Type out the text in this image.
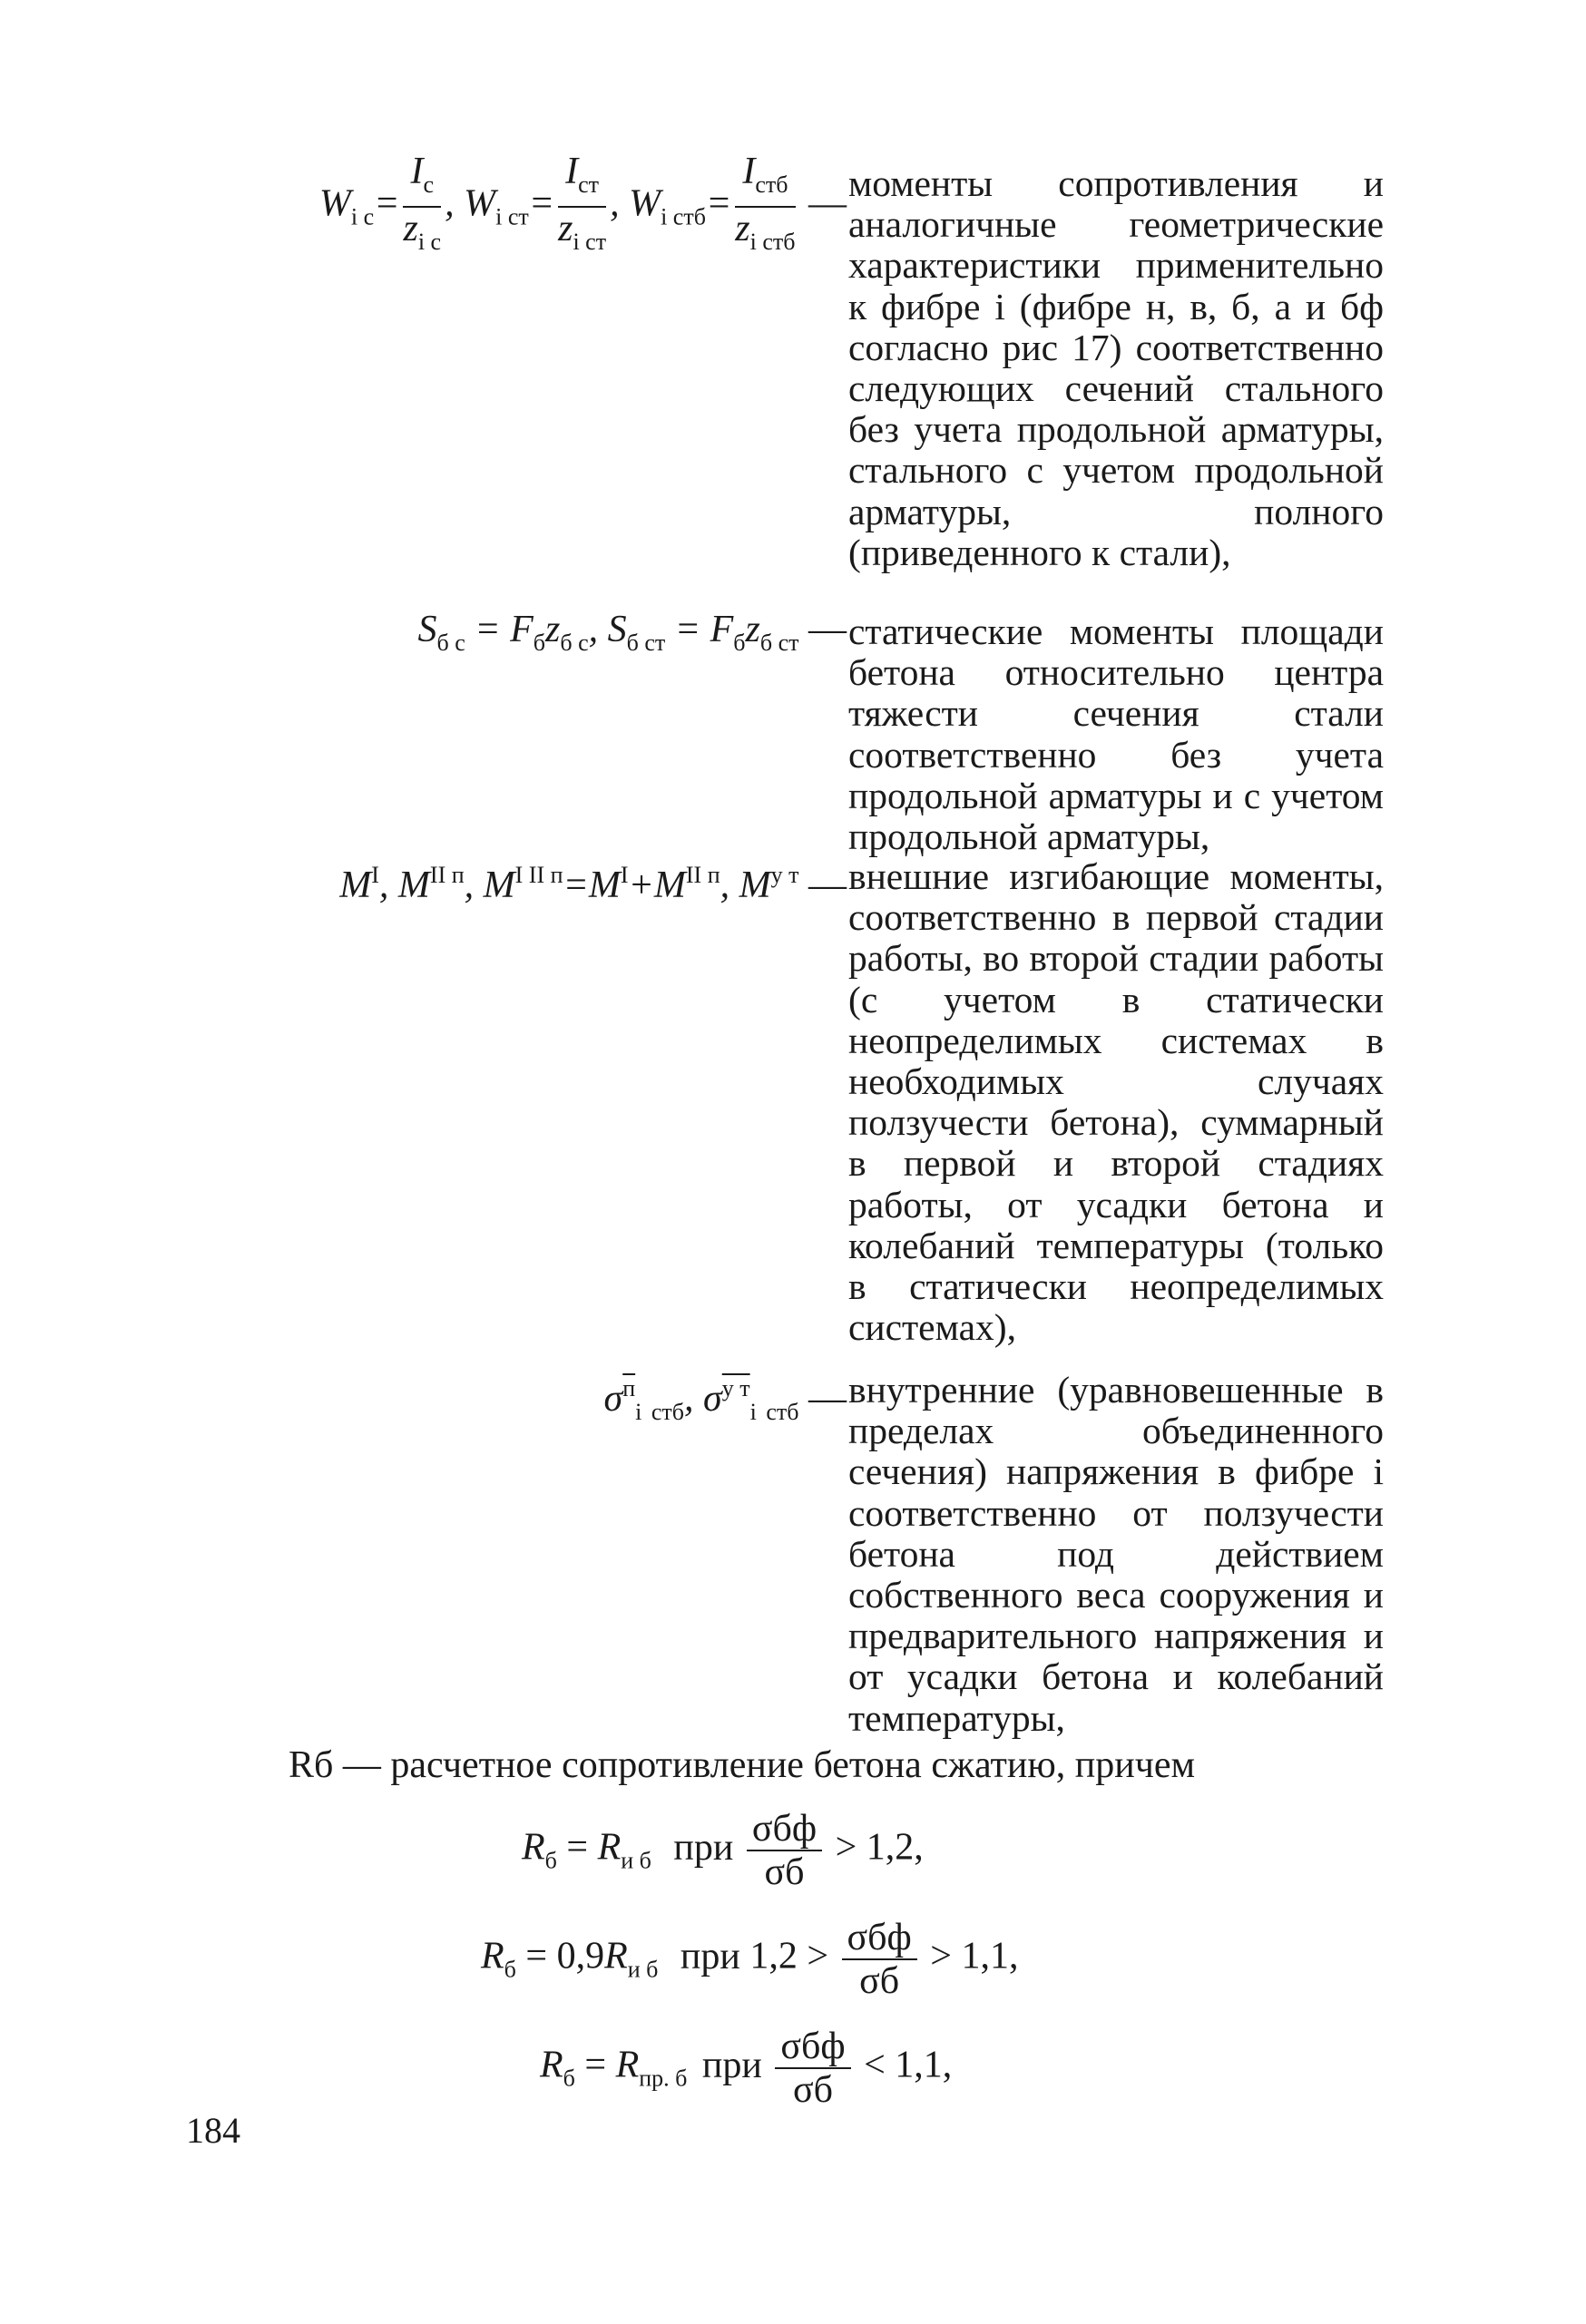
$W_{i c}= \frac{I_c}{z_{i c}}$ , $W_{i ст}= \frac{I_{ст}}{z_{i ст}}$ , $W_{i стб}= \frac{I_{стб}}{z_{i стб}}$ — моменты сопротивления и аналогичные геометрические характеристики применительно к фибре i (фибре н, в, б, а и бф согласно рис 17) соответственно следующих сечений стального без учета продольной арматуры, стального с учетом продольной арматуры, полного (приведенного к стали),
$S_{б с} = F_бz_{б с}$, $S_{б ст} = F_бz_{б ст}$ — статические моменты площади бетона относительно центра тяжести сечения стали соответственно без учета продольной арматуры и с учетом продольной арматуры,
$M^I$, $M^{II п}$, $M^{I II п}=M^I+M^{II п}$, $M^{у т}$ — внешние изгибающие моменты, соответственно в первой стадии работы, во второй стадии работы (с учетом в статически неопределимых системах в необходимых случаях ползучести бетона), суммарный в первой и второй стадиях работы, от усадки бетона и колебаний температуры (только в статически неопределимых системах),
$\sigma^п_i$ $_{стб}$, $\sigma^{у т}_i$ $_{стб}$ — внутренние (уравновешенные в пределах объединенного сечения) напряжения в фибре i соответственно от ползучести бетона под действием собственного веса сооружения и предварительного напряжения и от усадки бетона и колебаний температуры,
Rб — расчетное сопротивление бетона сжатию, причем
$R_б = R_{и б}$ при $\frac{\text{σбф}}{\sigma б} > 1,2$,
$R_б = 0,9R_{и б}$ при $1,2 > \frac{\text{σбф}}{\sigma б} > 1,1$,
$R_б = R_{пр. б}$ при $\frac{\text{σбф}}{\sigma б} < 1,1$,
184
